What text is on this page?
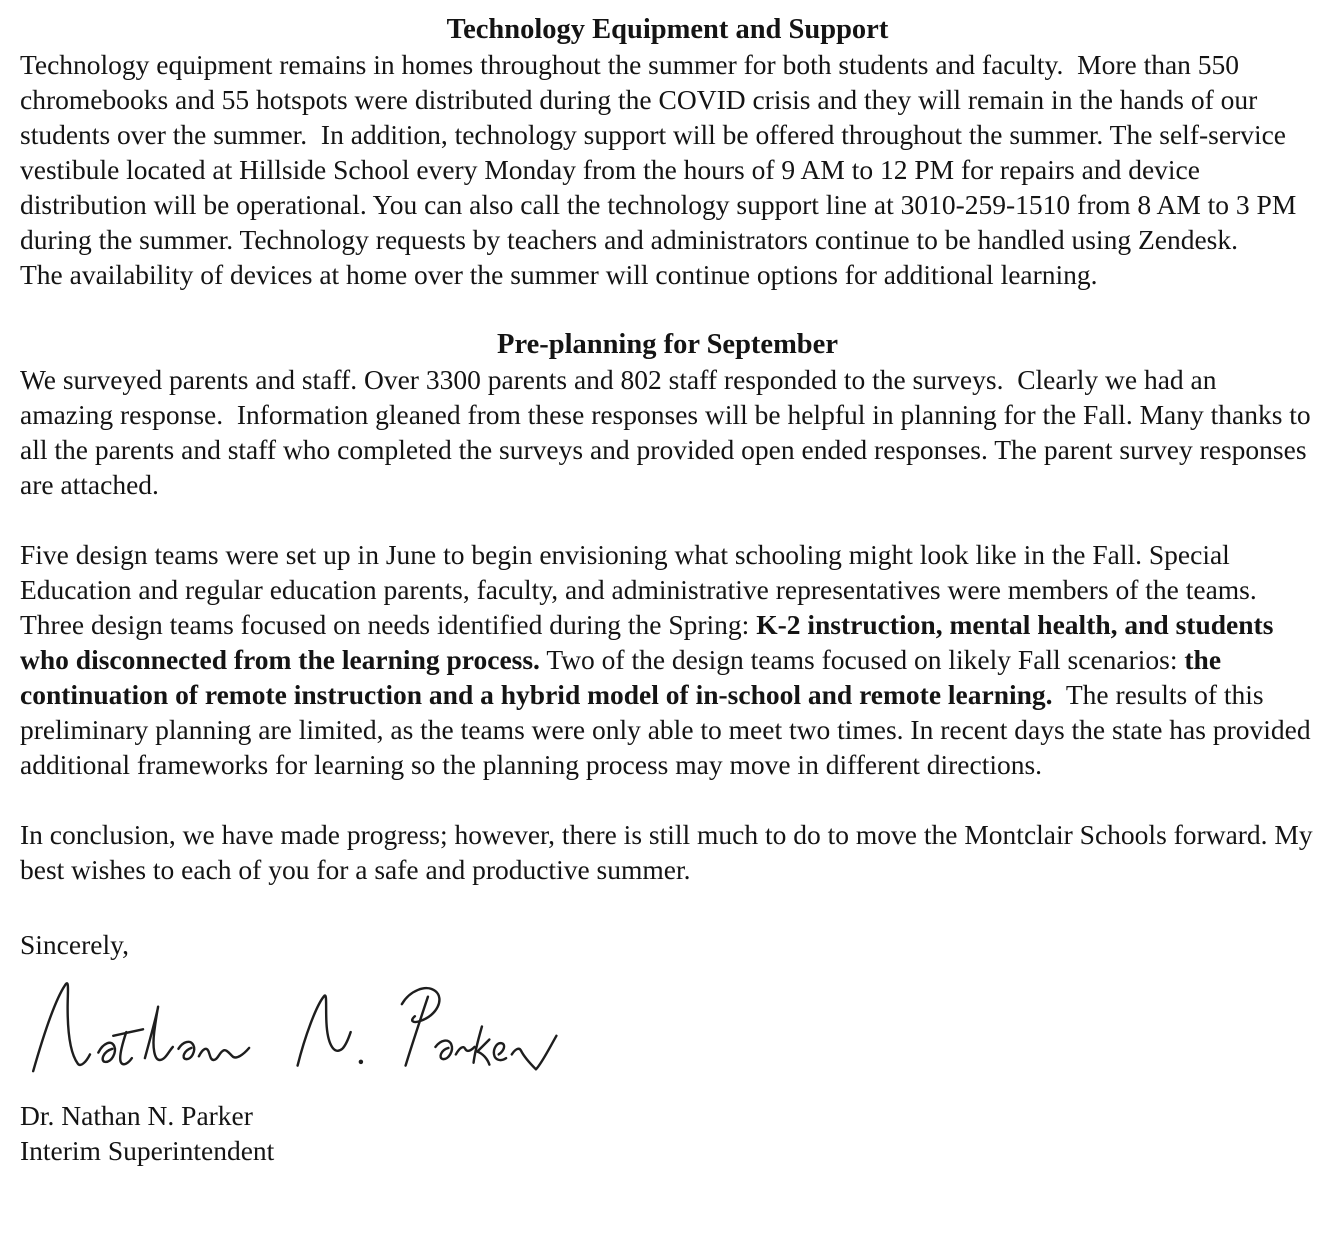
Technology Equipment and Support

Technology equipment remains in homes throughout the summer for both students and faculty.  More than 550 chromebooks and 55 hotspots were distributed during the COVID crisis and they will remain in the hands of our students over the summer.  In addition, technology support will be offered throughout the summer. The self-service vestibule located at Hillside School every Monday from the hours of 9 AM to 12 PM for repairs and device distribution will be operational. You can also call the technology support line at 3010-259-1510 from 8 AM to 3 PM during the summer. Technology requests by teachers and administrators continue to be handled using Zendesk.

The availability of devices at home over the summer will continue options for additional learning.

Pre-planning for September

We surveyed parents and staff. Over 3300 parents and 802 staff responded to the surveys.  Clearly we had an amazing response.  Information gleaned from these responses will be helpful in planning for the Fall. Many thanks to all the parents and staff who completed the surveys and provided open ended responses. The parent survey responses are attached.

Five design teams were set up in June to begin envisioning what schooling might look like in the Fall. Special Education and regular education parents, faculty, and administrative representatives were members of the teams. Three design teams focused on needs identified during the Spring: K-2 instruction, mental health, and students who disconnected from the learning process. Two of the design teams focused on likely Fall scenarios: the continuation of remote instruction and a hybrid model of in-school and remote learning.  The results of this preliminary planning are limited, as the teams were only able to meet two times. In recent days the state has provided additional frameworks for learning so the planning process may move in different directions.

In conclusion, we have made progress; however, there is still much to do to move the Montclair Schools forward. My best wishes to each of you for a safe and productive summer.

Sincerely,

Dr. Nathan N. Parker

Interim Superintendent
